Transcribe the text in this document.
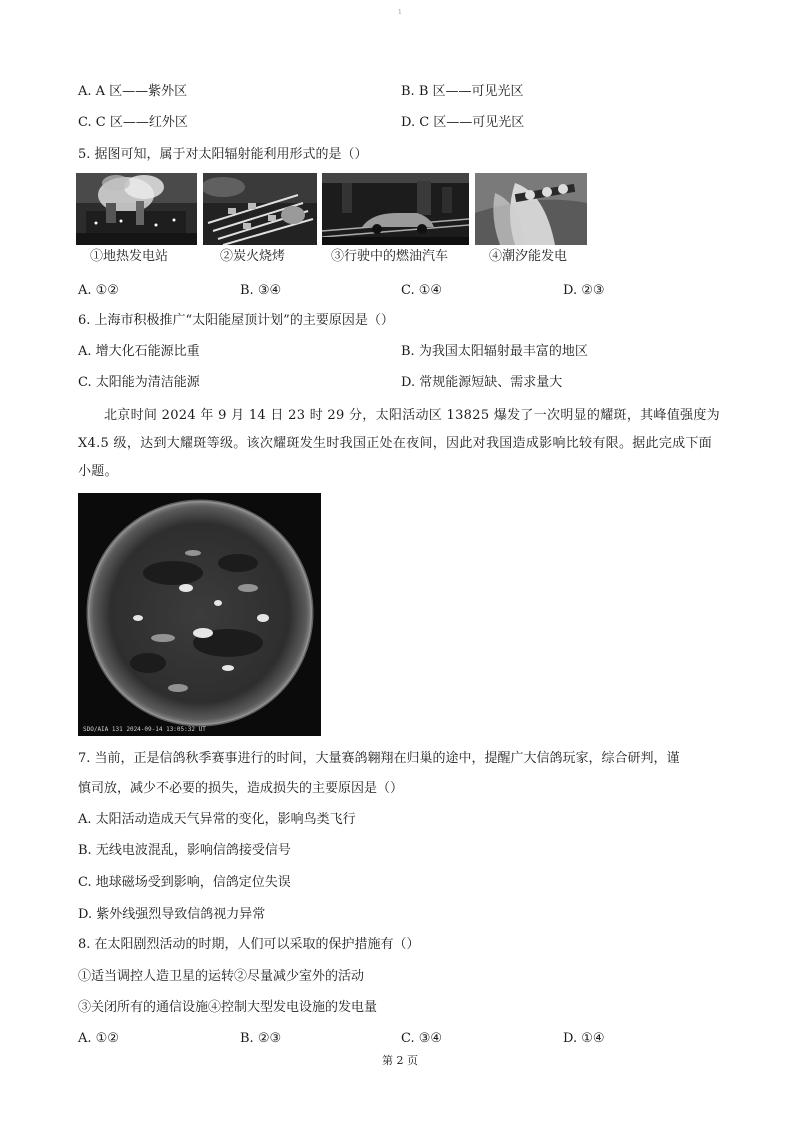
1
A. A 区——紫外区	B. B 区——可见光区
C. C 区——红外区	D. C 区——可见光区
5. 据图可知，属于对太阳辐射能利用形式的是（）
①地热发电站	②炭火烧烤	③行驶中的燃油汽车	④潮汐能发电
A. ①②	B. ③④	C. ①④	D. ②③
6. 上海市积极推广“太阳能屋顶计划”的主要原因是（）
A. 增大化石能源比重	B. 为我国太阳辐射最丰富的地区
C. 太阳能为清洁能源	D. 常规能源短缺、需求量大
北京时间 2024 年 9 月 14 日 23 时 29 分，太阳活动区 13825 爆发了一次明显的耀斑，其峰值强度为 X4.5 级，达到大耀斑等级。该次耀斑发生时我国正处在夜间，因此对我国造成影响比较有限。据此完成下面小题。
SDO/AIA 131 2024-09-14 13:05:32 UT
7. 当前，正是信鸽秋季赛事进行的时间，大量赛鸽翱翔在归巢的途中，提醒广大信鸽玩家，综合研判，谨
慎司放，减少不必要的损失，造成损失的主要原因是（）
A. 太阳活动造成天气异常的变化，影响鸟类飞行
B. 无线电波混乱，影响信鸽接受信号
C. 地球磁场受到影响，信鸽定位失误
D. 紫外线强烈导致信鸽视力异常
8. 在太阳剧烈活动的时期，人们可以采取的保护措施有（）
①适当调控人造卫星的运转②尽量减少室外的活动
③关闭所有的通信设施④控制大型发电设施的发电量
A. ①②	B. ②③	C. ③④	D. ①④
第 2 页
